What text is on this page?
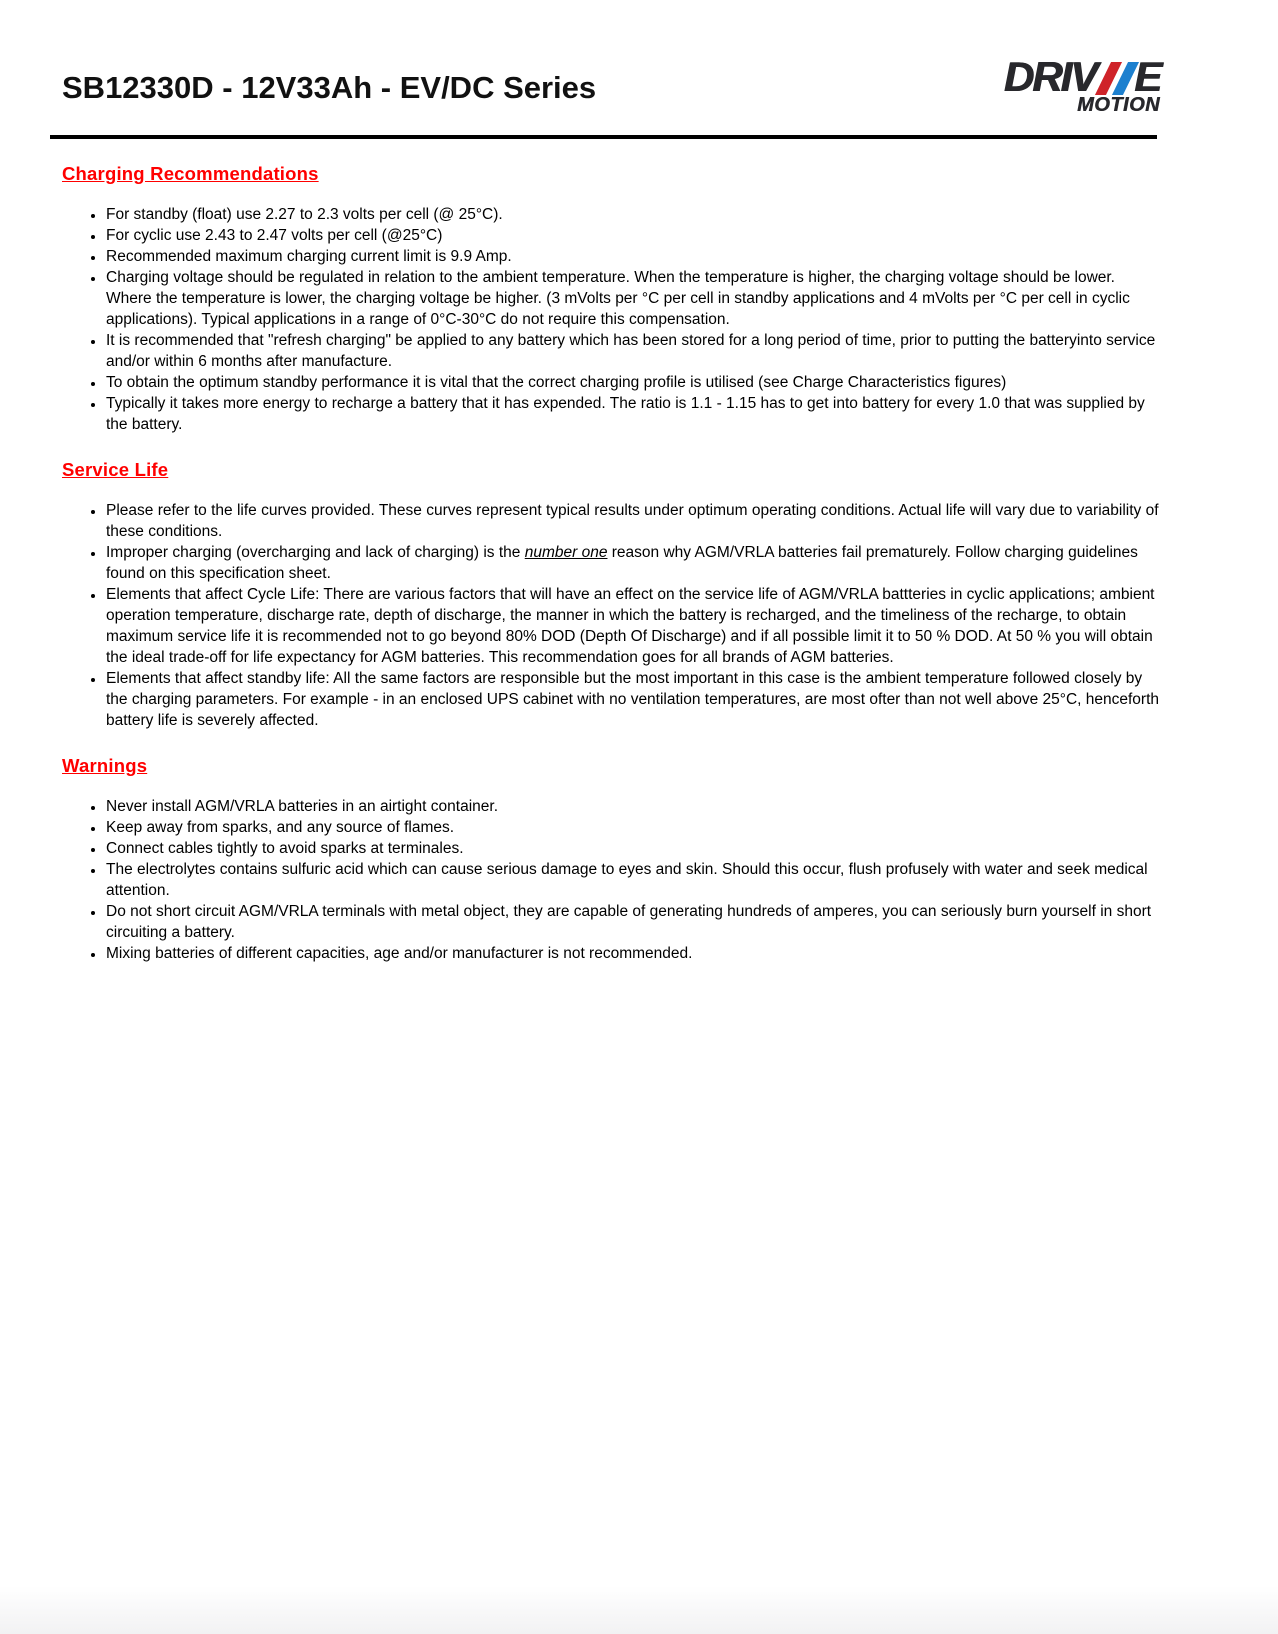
SB12330D - 12V33Ah - EV/DC Series	DRIV E
MOTION
Charging Recommendations
• For standby (float) use 2.27 to 2.3 volts per cell (@ 25°C).
• For cyclic use 2.43 to 2.47 volts per cell (@25°C)
• Recommended maximum charging current limit is 9.9 Amp.
• Charging voltage should be regulated in relation to the ambient temperature. When the temperature is higher, the charging voltage should be lower. Where the temperature is lower, the charging voltage be higher. (3 mVolts per °C per cell in standby applications and 4 mVolts per °C per cell in cyclic applications). Typical applications in a range of 0°C-30°C do not require this compensation.
• It is recommended that "refresh charging" be applied to any battery which has been stored for a long period of time, prior to putting the batteryinto service and/or within 6 months after manufacture.
• To obtain the optimum standby performance it is vital that the correct charging profile is utilised (see Charge Characteristics figures)
• Typically it takes more energy to recharge a battery that it has expended. The ratio is 1.1 - 1.15 has to get into battery for every 1.0 that was supplied by the battery.
Service Life
• Please refer to the life curves provided. These curves represent typical results under optimum operating conditions. Actual life will vary due to variability of these conditions.
• Improper charging (overcharging and lack of charging) is the number one reason why AGM/VRLA batteries fail prematurely. Follow charging guidelines found on this specification sheet.
• Elements that affect Cycle Life: There are various factors that will have an effect on the service life of AGM/VRLA battteries in cyclic applications; ambient operation temperature, discharge rate, depth of discharge, the manner in which the battery is recharged, and the timeliness of the recharge, to obtain maximum service life it is recommended not to go beyond 80% DOD (Depth Of Discharge) and if all possible limit it to 50 % DOD. At 50 % you will obtain the ideal trade-off for life expectancy for AGM batteries. This recommendation goes for all brands of AGM batteries.
• Elements that affect standby life: All the same factors are responsible but the most important in this case is the ambient temperature followed closely by the charging parameters. For example - in an enclosed UPS cabinet with no ventilation temperatures, are most ofter than not well above 25°C, henceforth battery life is severely affected.
Warnings
• Never install AGM/VRLA batteries in an airtight container.
• Keep away from sparks, and any source of flames.
• Connect cables tightly to avoid sparks at terminales.
• The electrolytes contains sulfuric acid which can cause serious damage to eyes and skin. Should this occur, flush profusely with water and seek medical attention.
• Do not short circuit AGM/VRLA terminals with metal object, they are capable of generating hundreds of amperes, you can seriously burn yourself in short circuiting a battery.
• Mixing batteries of different capacities, age and/or manufacturer is not recommended.
